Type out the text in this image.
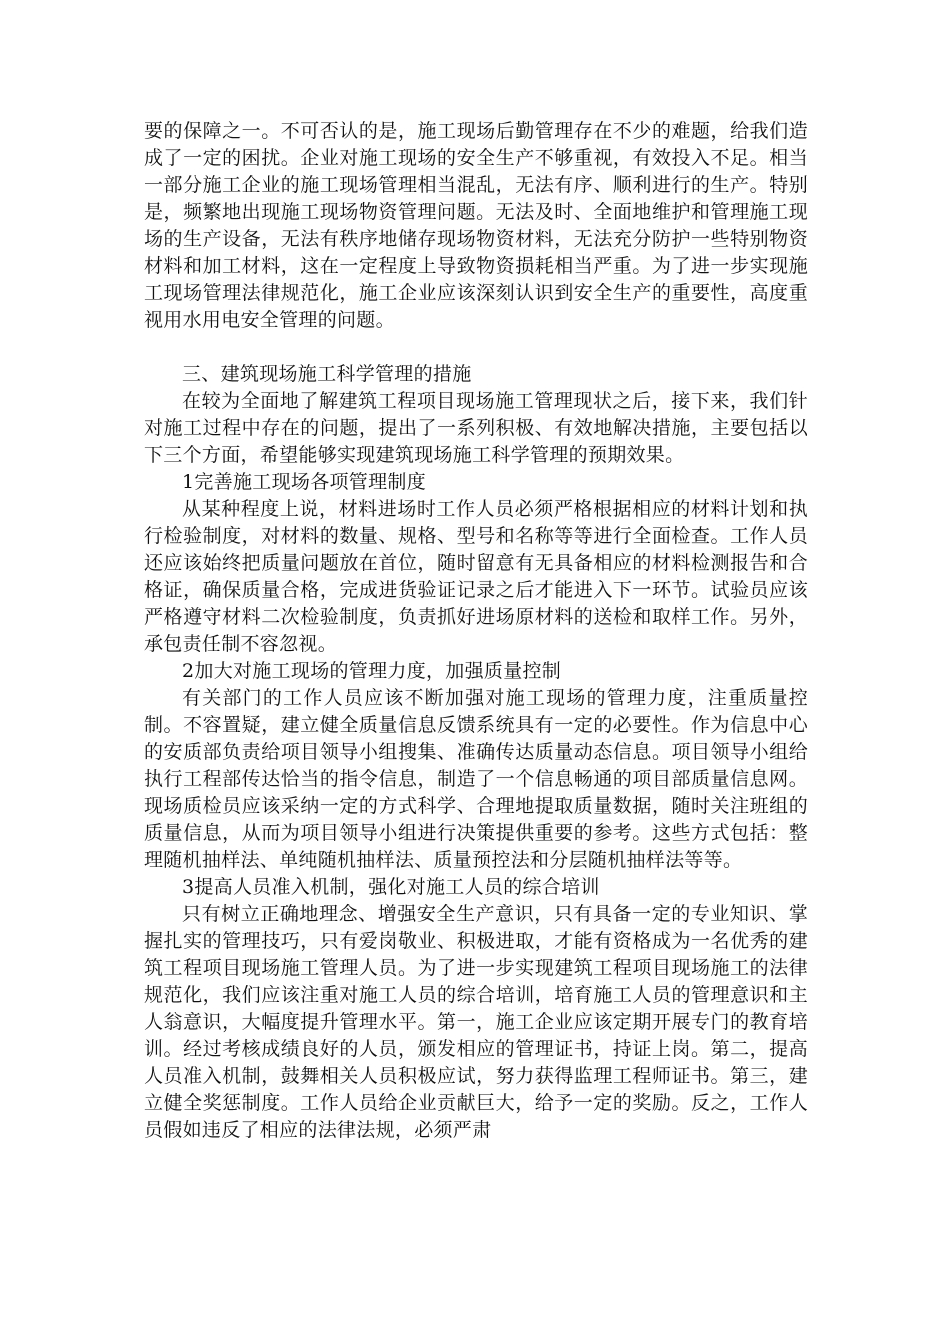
要的保障之一。不可否认的是，施工现场后勤管理存在不少的难题，给我们造成了一定的困扰。企业对施工现场的安全生产不够重视，有效投入不足。相当一部分施工企业的施工现场管理相当混乱，无法有序、顺利进行的生产。特别是，频繁地出现施工现场物资管理问题。无法及时、全面地维护和管理施工现场的生产设备，无法有秩序地储存现场物资材料，无法充分防护一些特别物资材料和加工材料，这在一定程度上导致物资损耗相当严重。为了进一步实现施工现场管理法律规范化，施工企业应该深刻认识到安全生产的重要性，高度重视用水用电安全管理的问题。

三、建筑现场施工科学管理的措施

在较为全面地了解建筑工程项目现场施工管理现状之后，接下来，我们针对施工过程中存在的问题，提出了一系列积极、有效地解决措施，主要包括以下三个方面，希望能够实现建筑现场施工科学管理的预期效果。

1完善施工现场各项管理制度

从某种程度上说，材料进场时工作人员必须严格根据相应的材料计划和执行检验制度，对材料的数量、规格、型号和名称等等进行全面检查。工作人员还应该始终把质量问题放在首位，随时留意有无具备相应的材料检测报告和合格证，确保质量合格，完成进货验证记录之后才能进入下一环节。试验员应该严格遵守材料二次检验制度，负责抓好进场原材料的送检和取样工作。另外，承包责任制不容忽视。

2加大对施工现场的管理力度，加强质量控制

有关部门的工作人员应该不断加强对施工现场的管理力度，注重质量控制。不容置疑，建立健全质量信息反馈系统具有一定的必要性。作为信息中心的安质部负责给项目领导小组搜集、准确传达质量动态信息。项目领导小组给执行工程部传达恰当的指令信息，制造了一个信息畅通的项目部质量信息网。现场质检员应该采纳一定的方式科学、合理地提取质量数据，随时关注班组的质量信息，从而为项目领导小组进行决策提供重要的参考。这些方式包括：整理随机抽样法、单纯随机抽样法、质量预控法和分层随机抽样法等等。

3提高人员准入机制，强化对施工人员的综合培训

只有树立正确地理念、增强安全生产意识，只有具备一定的专业知识、掌握扎实的管理技巧，只有爱岗敬业、积极进取，才能有资格成为一名优秀的建筑工程项目现场施工管理人员。为了进一步实现建筑工程项目现场施工的法律规范化，我们应该注重对施工人员的综合培训，培育施工人员的管理意识和主人翁意识，大幅度提升管理水平。第一，施工企业应该定期开展专门的教育培训。经过考核成绩良好的人员，颁发相应的管理证书，持证上岗。第二，提高人员准入机制，鼓舞相关人员积极应试，努力获得监理工程师证书。第三，建立健全奖惩制度。工作人员给企业贡献巨大，给予一定的奖励。反之，工作人员假如违反了相应的法律法规，必须严肃
